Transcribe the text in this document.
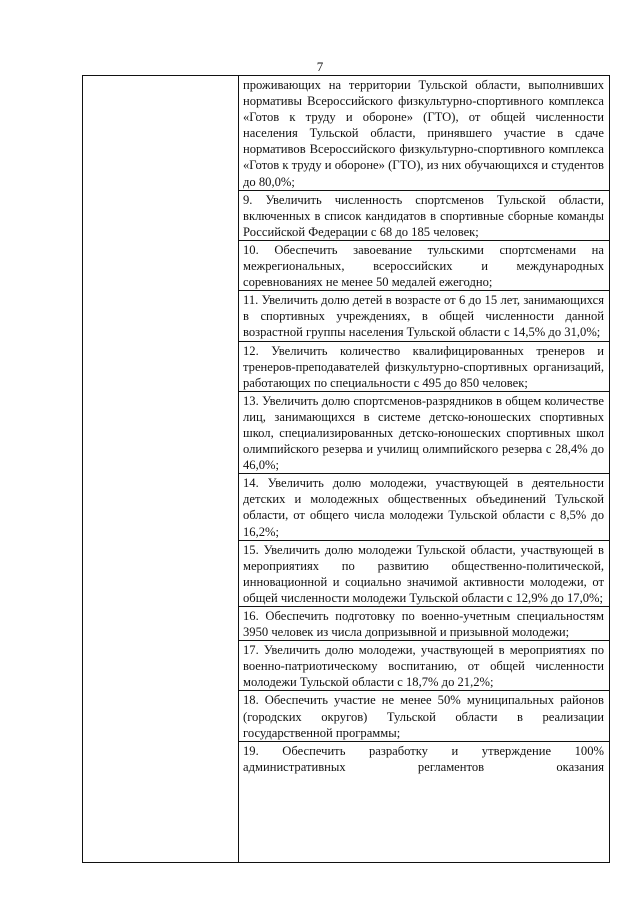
7
проживающих на территории Тульской области, выполнивших нормативы Всероссийского физкультурно-спортивного комплекса «Готов к труду и обороне» (ГТО), от общей численности населения Тульской области, принявшего участие в сдаче нормативов Всероссийского физкультурно-спортивного комплекса «Готов к труду и обороне» (ГТО), из них обучающихся и студентов до 80,0%;
9. Увеличить численность спортсменов Тульской области, включенных в список кандидатов в спортивные сборные команды Российской Федерации с 68 до 185 человек;
10. Обеспечить завоевание тульскими спортсменами на межрегиональных, всероссийских и международных соревнованиях не менее 50 медалей ежегодно;
11. Увеличить долю детей в возрасте от 6 до 15 лет, занимающихся в спортивных учреждениях, в общей численности данной возрастной группы населения Тульской области с 14,5% до 31,0%;
12. Увеличить количество квалифицированных тренеров и тренеров-преподавателей физкультурно-спортивных организаций, работающих по специальности с 495 до 850 человек;
13. Увеличить долю спортсменов-разрядников в общем количестве лиц, занимающихся в системе детско-юношеских спортивных школ, специализированных детско-юношеских спортивных школ олимпийского резерва и училищ олимпийского резерва с 28,4% до 46,0%;
14. Увеличить долю молодежи, участвующей в деятельности детских и молодежных общественных объединений Тульской области, от общего числа молодежи Тульской области с 8,5% до 16,2%;
15. Увеличить долю молодежи Тульской области, участвующей в мероприятиях по развитию общественно-политической, инновационной и социально значимой активности молодежи, от общей численности молодежи Тульской области с 12,9% до 17,0%;
16. Обеспечить подготовку по военно-учетным специальностям 3950 человек из числа допризывной и призывной молодежи;
17. Увеличить долю молодежи, участвующей в мероприятиях по военно-патриотическому воспитанию, от общей численности молодежи Тульской области с 18,7% до 21,2%;
18. Обеспечить участие не менее 50% муниципальных районов (городских округов) Тульской области в реализации государственной программы;
19. Обеспечить разработку и утверждение 100% административных регламентов оказания
